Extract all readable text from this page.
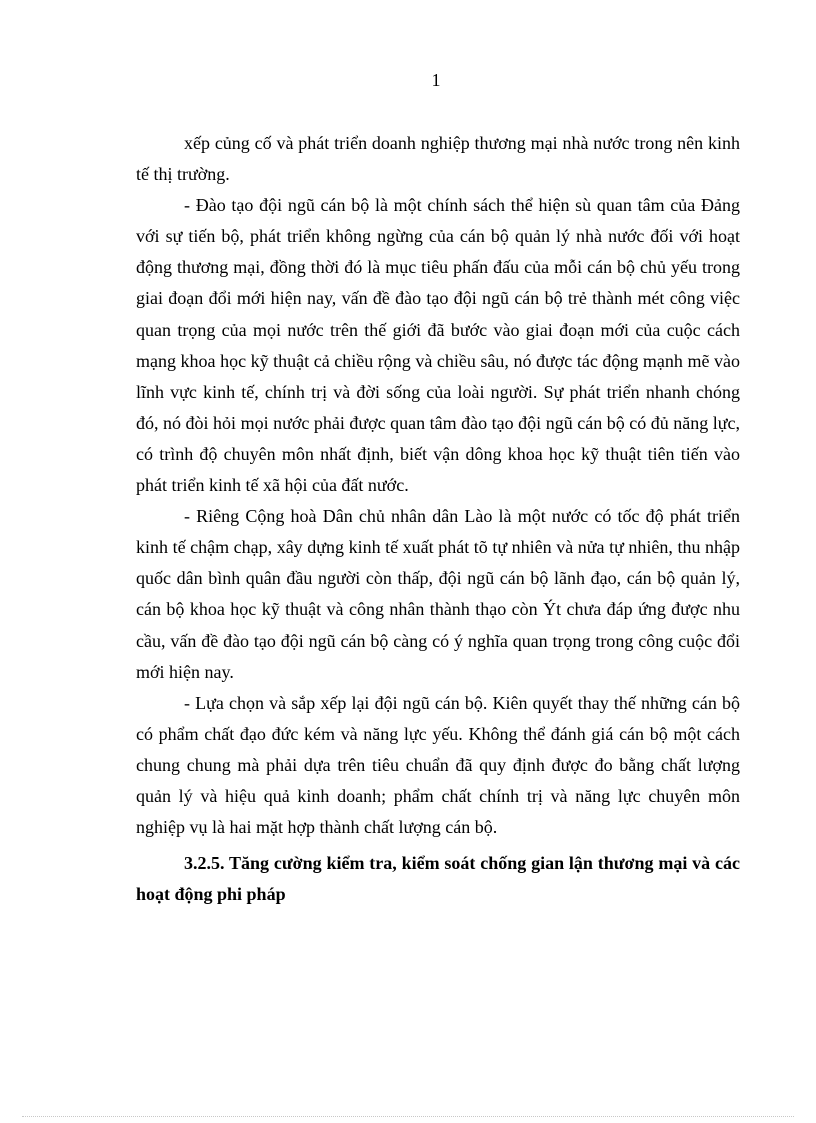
1

xếp củng cố và phát triển doanh nghiệp thương mại nhà nước trong nên kinh tế thị trường.

- Đào tạo đội ngũ cán bộ là một chính sách thể hiện sù quan tâm của Đảng với sự tiến bộ, phát triển không ngừng của cán bộ quản lý nhà nước đối với hoạt động thương mại, đồng thời đó là mục tiêu phấn đấu của mỗi cán bộ chủ yếu trong giai đoạn đổi mới hiện nay, vấn đề đào tạo đội ngũ cán bộ trẻ thành mét công việc quan trọng của mọi nước trên thế giới đã bước vào giai đoạn mới của cuộc cách mạng khoa học kỹ thuật cả chiều rộng và chiều sâu, nó được tác động mạnh mẽ vào lĩnh vực kinh tế, chính trị và đời sống của loài người. Sự phát triển nhanh chóng đó, nó đòi hỏi mọi nước phải được quan tâm đào tạo đội ngũ cán bộ có đủ năng lực, có trình độ chuyên môn nhất định, biết vận dông khoa học kỹ thuật tiên tiến vào phát triển kinh tế xã hội của đất nước.

- Riêng Cộng hoà Dân chủ nhân dân Lào là một nước có tốc độ phát triển kinh tế chậm chạp, xây dựng kinh tế xuất phát tõ tự nhiên và nửa tự nhiên, thu nhập quốc dân bình quân đầu người còn thấp, đội ngũ cán bộ lãnh đạo, cán bộ quản lý, cán bộ khoa học kỹ thuật và công nhân thành thạo còn Ýt chưa đáp ứng được nhu cầu, vấn đề đào tạo đội ngũ cán bộ càng có ý nghĩa quan trọng trong công cuộc đổi mới hiện nay.

- Lựa chọn và sắp xếp lại đội ngũ cán bộ. Kiên quyết thay thế những cán bộ có phẩm chất đạo đức kém và năng lực yếu. Không thể đánh giá cán bộ một cách chung chung mà phải dựa trên tiêu chuẩn đã quy định được đo bằng chất lượng quản lý và hiệu quả kinh doanh; phẩm chất chính trị và năng lực chuyên môn nghiệp vụ là hai mặt hợp thành chất lượng cán bộ.

3.2.5. Tăng cường kiểm tra, kiểm soát chống gian lận thương mại và các hoạt động phi pháp
